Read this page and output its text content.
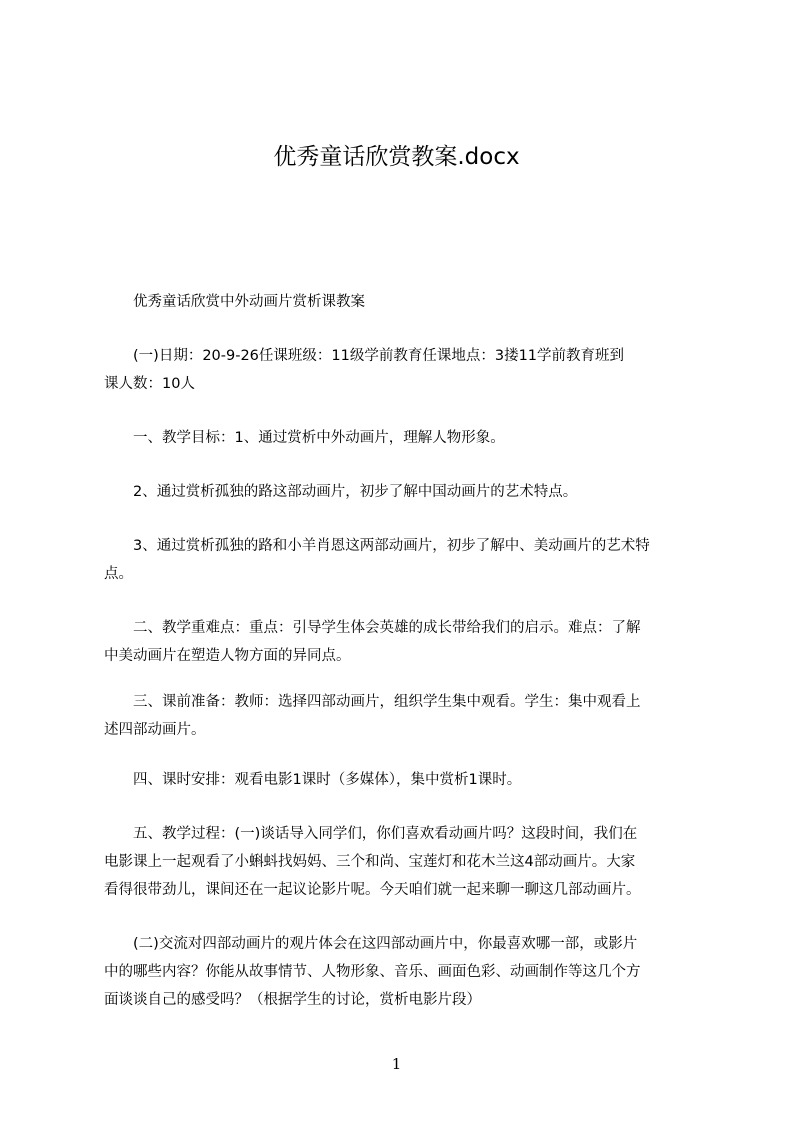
优秀童话欣赏教案.docx

　　优秀童话欣赏中外动画片赏析课教案

　　(一)日期：20-9-26任课班级：11级学前教育任课地点：3搂11学前教育班到
课人数：10人

　　一、教学目标：1、通过赏析中外动画片，理解人物形象。

　　2、通过赏析孤独的路这部动画片，初步了解中国动画片的艺术特点。

　　3、通过赏析孤独的路和小羊肖恩这两部动画片，初步了解中、美动画片的艺术特
点。

　　二、教学重难点：重点：引导学生体会英雄的成长带给我们的启示。难点：了解
中美动画片在塑造人物方面的异同点。

　　三、课前准备：教师：选择四部动画片，组织学生集中观看。学生：集中观看上
述四部动画片。

　　四、课时安排：观看电影1课时（多媒体），集中赏析1课时。

　　五、教学过程：(一)谈话导入同学们，你们喜欢看动画片吗？这段时间，我们在
电影课上一起观看了小蝌蚪找妈妈、三个和尚、宝莲灯和花木兰这4部动画片。大家
看得很带劲儿，课间还在一起议论影片呢。今天咱们就一起来聊一聊这几部动画片。

　　(二)交流对四部动画片的观片体会在这四部动画片中，你最喜欢哪一部，或影片
中的哪些内容？你能从故事情节、人物形象、音乐、画面色彩、动画制作等这几个方
面谈谈自己的感受吗？（根据学生的讨论，赏析电影片段）

1
